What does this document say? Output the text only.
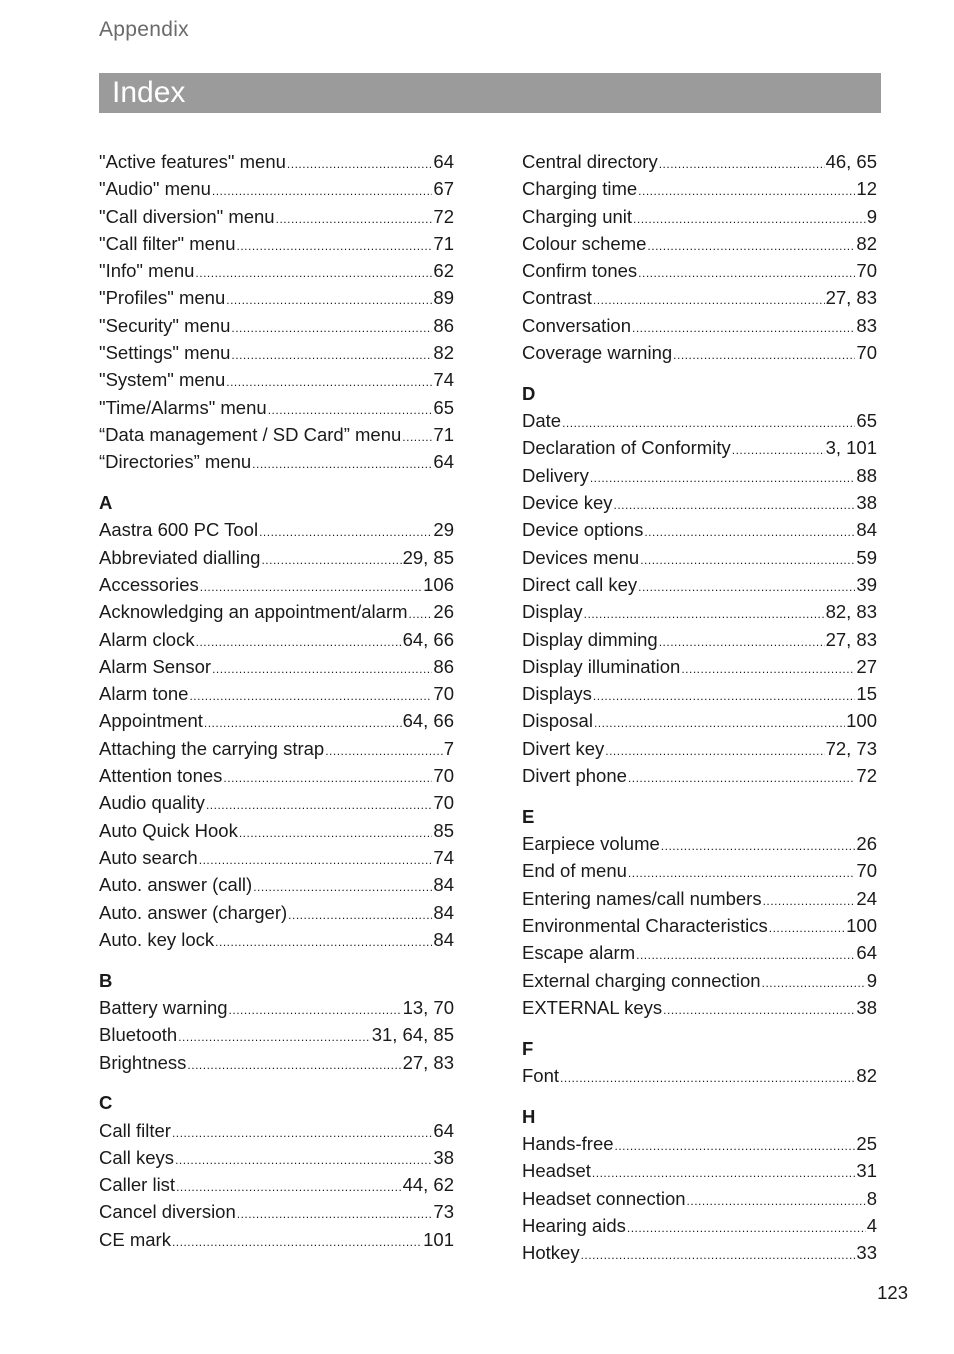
Appendix
Index
"Active features" menu .....	64
"Audio" menu .....	67
"Call diversion" menu .....	72
"Call filter" menu .....	71
"Info" menu .....	62
"Profiles" menu .....	89
"Security" menu .....	86
"Settings" menu .....	82
"System" menu .....	74
"Time/Alarms" menu .....	65
“Data management / SD Card” menu ..... 71
“Directories” menu .....	64
A
Aastra 600 PC Tool .....	29
Abbreviated dialling .....	29, 85
Accessories .....	106
Acknowledging an appointment/alarm ..... 26
Alarm clock .....	64, 66
Alarm Sensor .....	86
Alarm tone .....	70
Appointment .....	64, 66
Attaching the carrying strap .....	7
Attention tones .....	70
Audio quality .....	70
Auto Quick Hook .....	85
Auto search .....	74
Auto. answer (call) .....	84
Auto. answer (charger) .....	84
Auto. key lock .....	84
B
Battery warning .....	13, 70
Bluetooth .....	31, 64, 85
Brightness .....	27, 83
C
Call filter .....	64
Call keys .....	38
Caller list .....	44, 62
Cancel diversion .....	73
CE mark .....	101
Central directory .....	46, 65
Charging time .....	12
Charging unit .....	9
Colour scheme .....	82
Confirm tones .....	70
Contrast .....	27, 83
Conversation .....	83
Coverage warning .....	70
D
Date .....	65
Declaration of Conformity .....	3, 101
Delivery .....	88
Device key .....	38
Device options .....	84
Devices menu .....	59
Direct call key .....	39
Display .....	82, 83
Display dimming .....	27, 83
Display illumination .....	27
Displays .....	15
Disposal .....	100
Divert key .....	72, 73
Divert phone .....	72
E
Earpiece volume .....	26
End of menu .....	70
Entering names/call numbers .....	24
Environmental Characteristics .....	100
Escape alarm .....	64
External charging connection .....	9
EXTERNAL keys .....	38
F
Font .....	82
H
Hands-free .....	25
Headset .....	31
Headset connection .....	8
Hearing aids .....	4
Hotkey .....	33
123
